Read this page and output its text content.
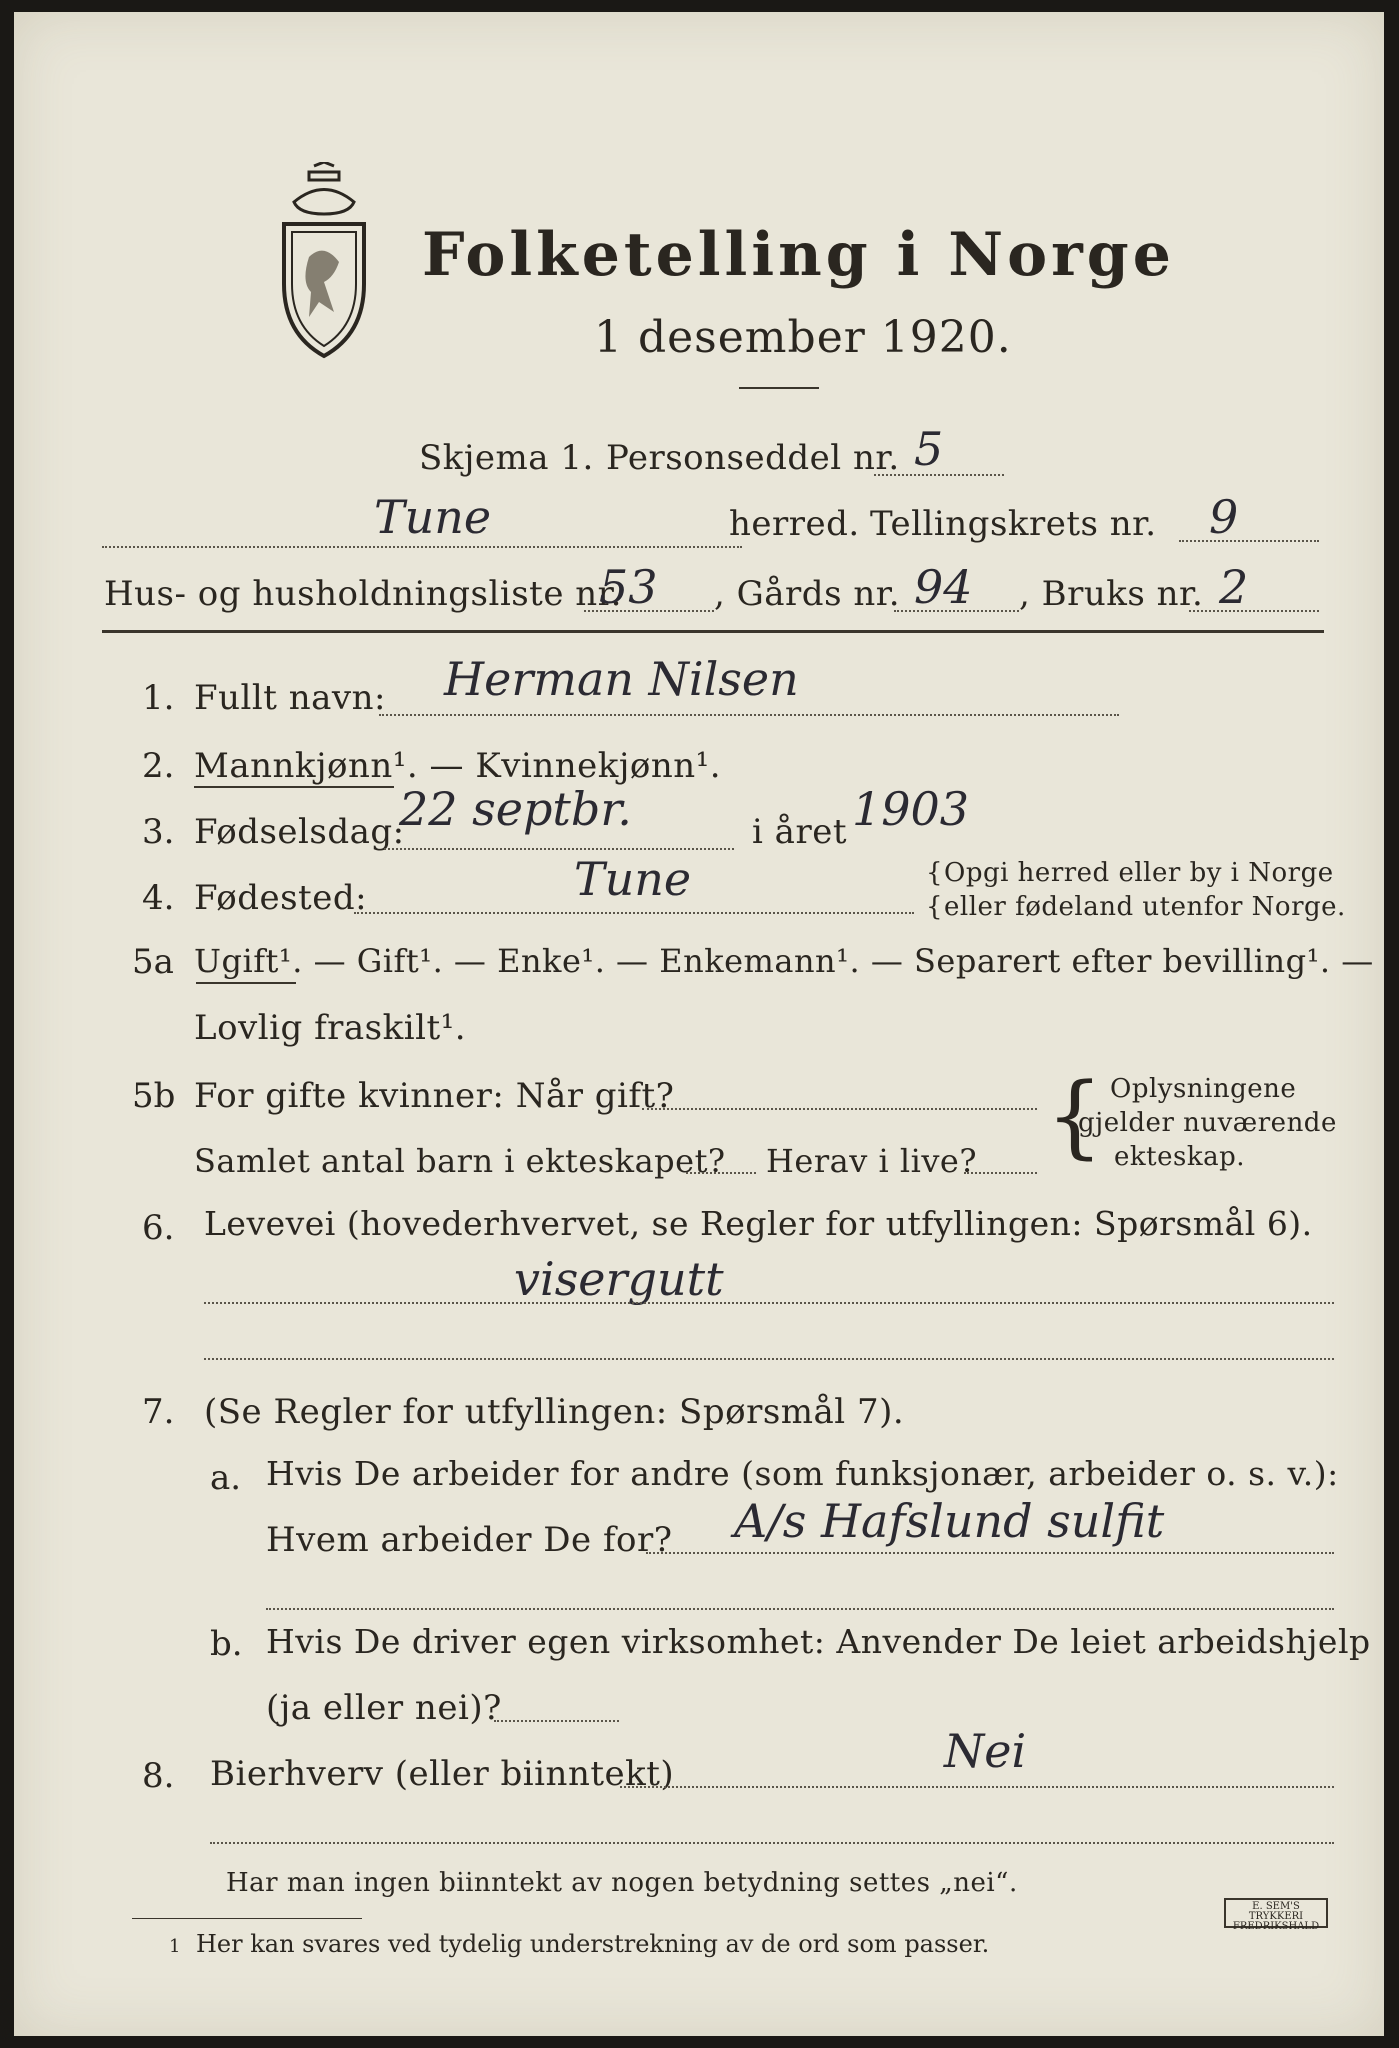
Folketelling i Norge
1 desember 1920.
Skjema 1. Personseddel nr. 5
Tune	herred. Tellingskrets nr. 9
Hus- og husholdningsliste nr.
53 , Gårds nr. 94 , Bruks nr. 2
1. Fullt navn: Herman Nilsen
2. Mannkjønn¹. — Kvinnekjønn¹.
3. Fødselsdag:
22 septbr.	i året 1903
4. Fødested:	Tune	{ Opgi herred eller by i Norge
{ eller fødeland utenfor Norge.
5a Ugift¹. — Gift¹. — Enke¹. — Enkemann¹. — Separert efter bevilling¹. —
Lovlig fraskilt¹.
5b For gifte kvinner: Når gift?
Samlet antal barn i ekteskapet? Herav i live? { Oplysningene
gjelder nuværende
ekteskap.
6. Levevei (hovederhvervet, se Regler for utfyllingen: Spørsmål 6).
visergutt
7. (Se Regler for utfyllingen: Spørsmål 7).
a. Hvis De arbeider for andre (som funksjonær, arbeider o. s. v.):
Hvem arbeider De for? A/s Hafslund sulfit
b. Hvis De driver egen virksomhet: Anvender De leiet arbeidshjelp
(ja eller nei)?
8. Bierhverv (eller biinntekt)	Nei
Har man ingen biinntekt av nogen betydning settes „nei“.
1 Her kan svares ved tydelig understrekning av de ord som passer.
E. SEM'S TRYKKERI FREDRIKSHALD
